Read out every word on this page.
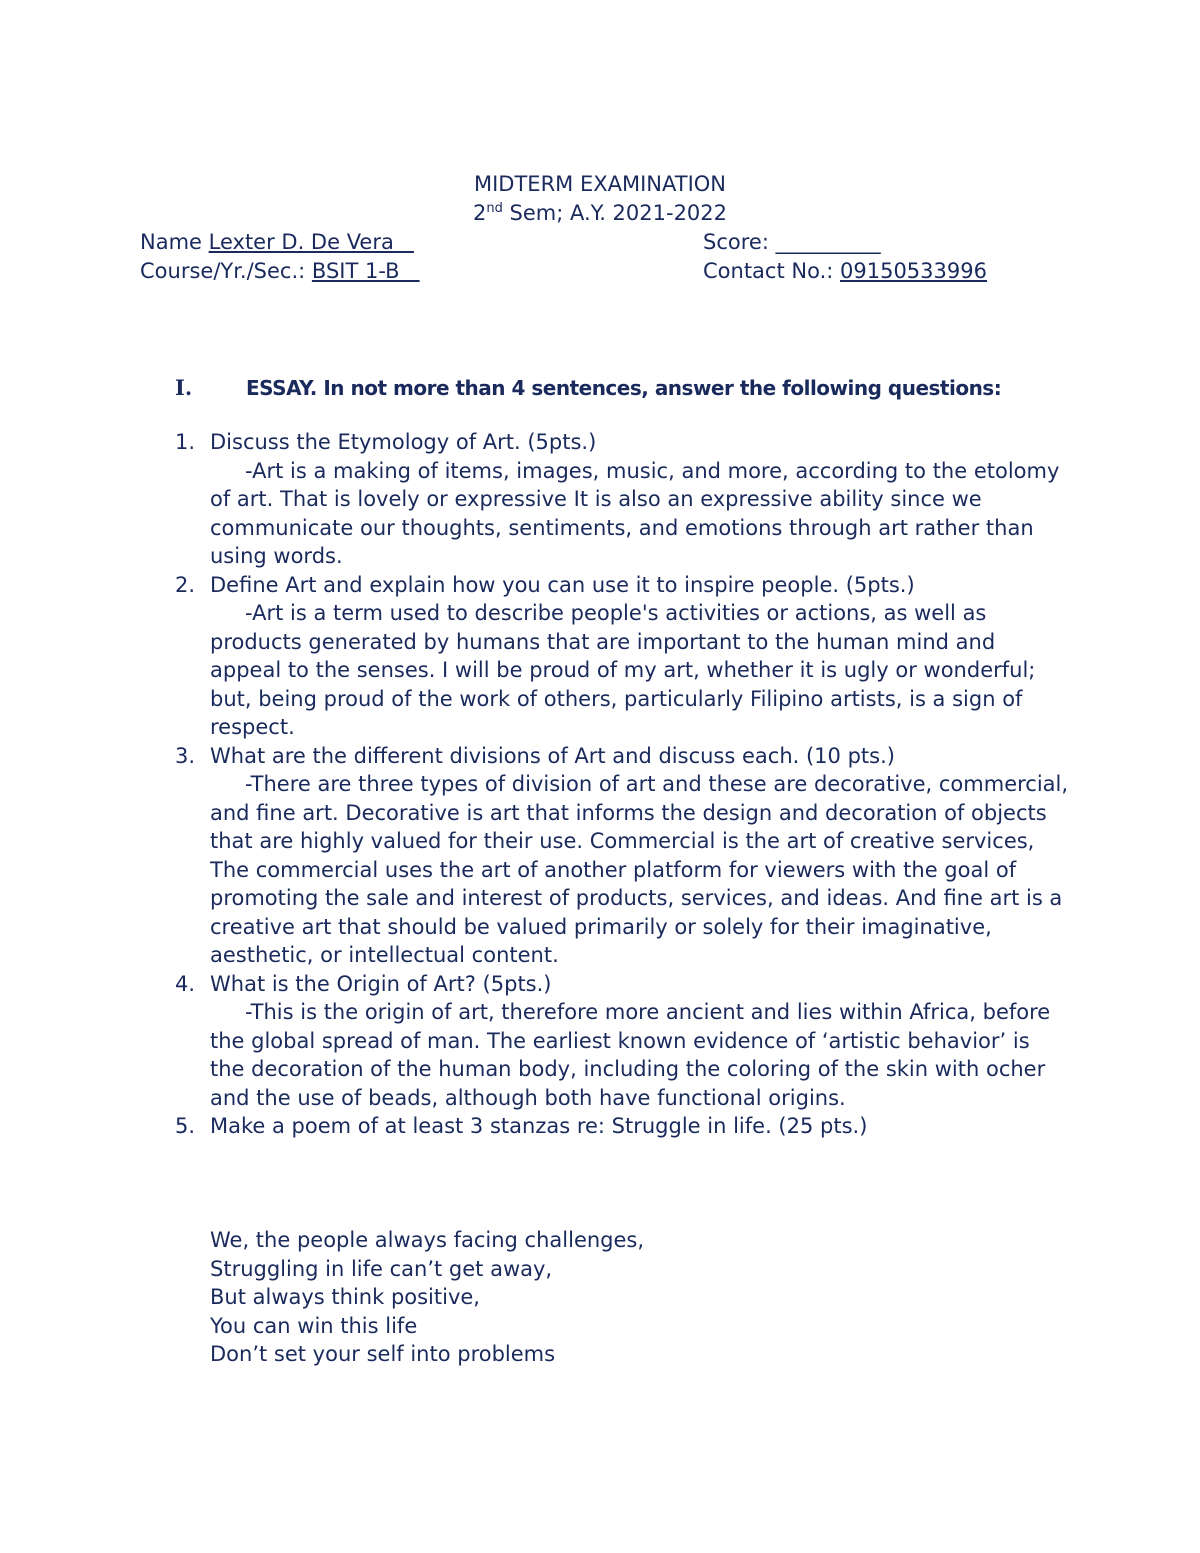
MIDTERM EXAMINATION
2nd Sem; A.Y. 2021-2022
Name Lexter D. De Vera	Score: __________
Course/Yr./Sec.: BSIT 1-B	Contact No.: 09150533996
I.	ESSAY. In not more than 4 sentences, answer the following questions:
1. Discuss the Etymology of Art. (5pts.)
-Art is a making of items, images, music, and more, according to the etolomy of art. That is lovely or expressive It is also an expressive ability since we communicate our thoughts, sentiments, and emotions through art rather than using words.
2. Define Art and explain how you can use it to inspire people. (5pts.)
-Art is a term used to describe people's activities or actions, as well as products generated by humans that are important to the human mind and appeal to the senses. I will be proud of my art, whether it is ugly or wonderful; but, being proud of the work of others, particularly Filipino artists, is a sign of respect.
3. What are the different divisions of Art and discuss each. (10 pts.)
-There are three types of division of art and these are decorative, commercial, and fine art. Decorative is art that informs the design and decoration of objects that are highly valued for their use. Commercial is the art of creative services, The commercial uses the art of another platform for viewers with the goal of promoting the sale and interest of products, services, and ideas. And fine art is a creative art that should be valued primarily or solely for their imaginative, aesthetic, or intellectual content.
4. What is the Origin of Art? (5pts.)
-This is the origin of art, therefore more ancient and lies within Africa, before the global spread of man. The earliest known evidence of ‘artistic behavior’ is the decoration of the human body, including the coloring of the skin with ocher and the use of beads, although both have functional origins.
5. Make a poem of at least 3 stanzas re: Struggle in life. (25 pts.)
We, the people always facing challenges,
Struggling in life can’t get away,
But always think positive,
You can win this life
Don’t set your self into problems
